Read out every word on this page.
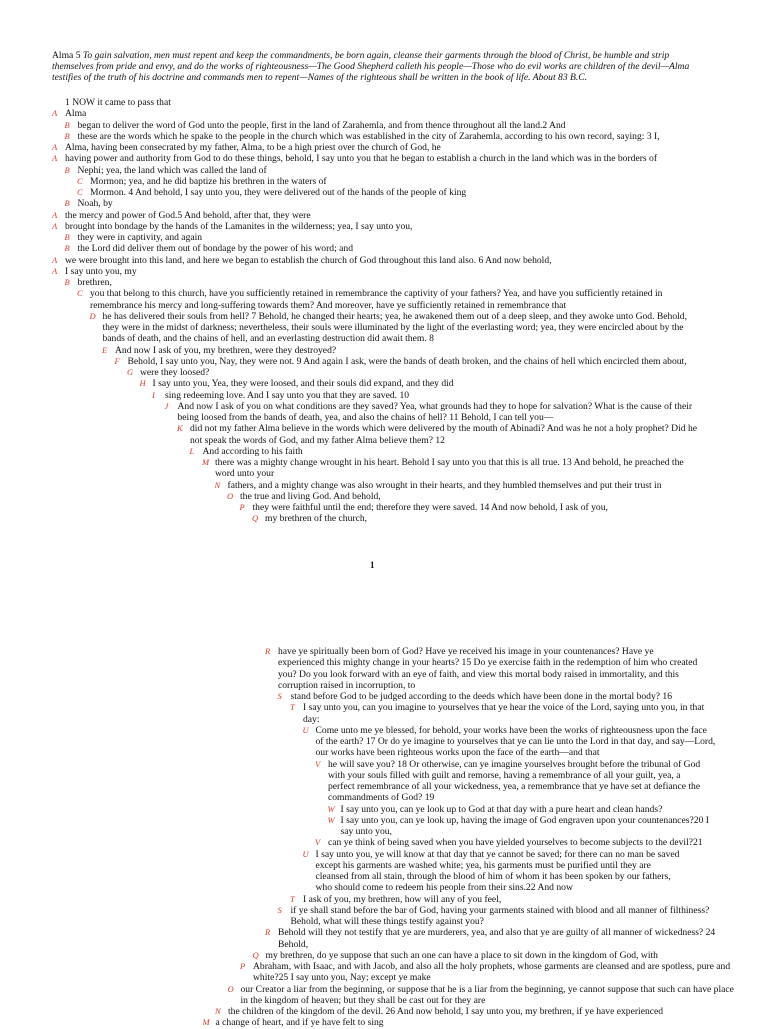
Alma 5 To gain salvation, men must repent and keep the commandments, be born again, cleanse their garments through the blood of Christ, be humble and strip themselves from pride and envy, and do the works of righteousness—The Good Shepherd calleth his people—Those who do evil works are children of the devil—Alma testifies of the truth of his doctrine and commands men to repent—Names of the righteous shall be written in the book of life. About 83 B.C.
1 NOW it came to pass that
A Alma
B began to deliver the word of God unto the people, first in the land of Zarahemla, and from thence throughout all the land.2 And
B these are the words which he spake to the people in the church which was established in the city of Zarahemla, according to his own record, saying: 3 I,
A Alma, having been consecrated by my father, Alma, to be a high priest over the church of God, he
A having power and authority from God to do these things, behold, I say unto you that he began to establish a church in the land which was in the borders of
B Nephi; yea, the land which was called the land of
C Mormon; yea, and he did baptize his brethren in the waters of
C Mormon. 4 And behold, I say unto you, they were delivered out of the hands of the people of king
B Noah, by
A the mercy and power of God.5 And behold, after that, they were
A brought into bondage by the hands of the Lamanites in the wilderness; yea, I say unto you,
B they were in captivity, and again
B the Lord did deliver them out of bondage by the power of his word; and
A we were brought into this land, and here we began to establish the church of God throughout this land also. 6 And now behold,
A I say unto you, my
B brethren,
C you that belong to this church, have you sufficiently retained in remembrance the captivity of your fathers? Yea, and have you sufficiently retained in remembrance his mercy and long-suffering towards them? And moreover, have ye sufficiently retained in remembrance that
D he has delivered their souls from hell? 7 Behold, he changed their hearts; yea, he awakened them out of a deep sleep, and they awoke unto God. Behold, they were in the midst of darkness; nevertheless, their souls were illuminated by the light of the everlasting word; yea, they were encircled about by the bands of death, and the chains of hell, and an everlasting destruction did await them. 8
E And now I ask of you, my brethren, were they destroyed?
F Behold, I say unto you, Nay, they were not. 9 And again I ask, were the bands of death broken, and the chains of hell which encircled them about,
G were they loosed?
H I say unto you, Yea, they were loosed, and their souls did expand, and they did
I sing redeeming love. And I say unto you that they are saved. 10
J And now I ask of you on what conditions are they saved? Yea, what grounds had they to hope for salvation? What is the cause of their being loosed from the bands of death, yea, and also the chains of hell? 11 Behold, I can tell you—
K did not my father Alma believe in the words which were delivered by the mouth of Abinadi? And was he not a holy prophet? Did he not speak the words of God, and my father Alma believe them? 12
L And according to his faith
M there was a mighty change wrought in his heart. Behold I say unto you that this is all true. 13 And behold, he preached the word unto your
N fathers, and a mighty change was also wrought in their hearts, and they humbled themselves and put their trust in
O the true and living God. And behold,
P they were faithful until the end; therefore they were saved. 14 And now behold, I ask of you,
Q my brethren of the church,
1
R have ye spiritually been born of God? Have ye received his image in your countenances? Have ye experienced this mighty change in your hearts? 15 Do ye exercise faith in the redemption of him who created you? Do you look forward with an eye of faith, and view this mortal body raised in immortality, and this corruption raised in incorruption, to
S stand before God to be judged according to the deeds which have been done in the mortal body? 16
T I say unto you, can you imagine to yourselves that ye hear the voice of the Lord, saying unto you, in that day:
U Come unto me ye blessed, for behold, your works have been the works of righteousness upon the face of the earth? 17 Or do ye imagine to yourselves that ye can lie unto the Lord in that day, and say—Lord, our works have been righteous works upon the face of the earth—and that
V he will save you? 18 Or otherwise, can ye imagine yourselves brought before the tribunal of God with your souls filled with guilt and remorse, having a remembrance of all your guilt, yea, a perfect remembrance of all your wickedness, yea, a remembrance that ye have set at defiance the commandments of God? 19
W I say unto you, can ye look up to God at that day with a pure heart and clean hands?
W I say unto you, can ye look up, having the image of God engraven upon your countenances?20 I say unto you,
V can ye think of being saved when you have yielded yourselves to become subjects to the devil?21
U I say unto you, ye will know at that day that ye cannot be saved; for there can no man be saved except his garments are washed white; yea, his garments must be purified until they are cleansed from all stain, through the blood of him of whom it has been spoken by our fathers, who should come to redeem his people from their sins.22 And now
T I ask of you, my brethren, how will any of you feel,
S if ye shall stand before the bar of God, having your garments stained with blood and all manner of filthiness? Behold, what will these things testify against you?
R Behold will they not testify that ye are murderers, yea, and also that ye are guilty of all manner of wickedness? 24 Behold,
Q my brethren, do ye suppose that such an one can have a place to sit down in the kingdom of God, with
P Abraham, with Isaac, and with Jacob, and also all the holy prophets, whose garments are cleansed and are spotless, pure and white?25 I say unto you, Nay; except ye make
O our Creator a liar from the beginning, or suppose that he is a liar from the beginning, ye cannot suppose that such can have place in the kingdom of heaven; but they shall be cast out for they are
N the children of the kingdom of the devil. 26 And now behold, I say unto you, my brethren, if ye have experienced
M a change of heart, and if ye have felt to sing
